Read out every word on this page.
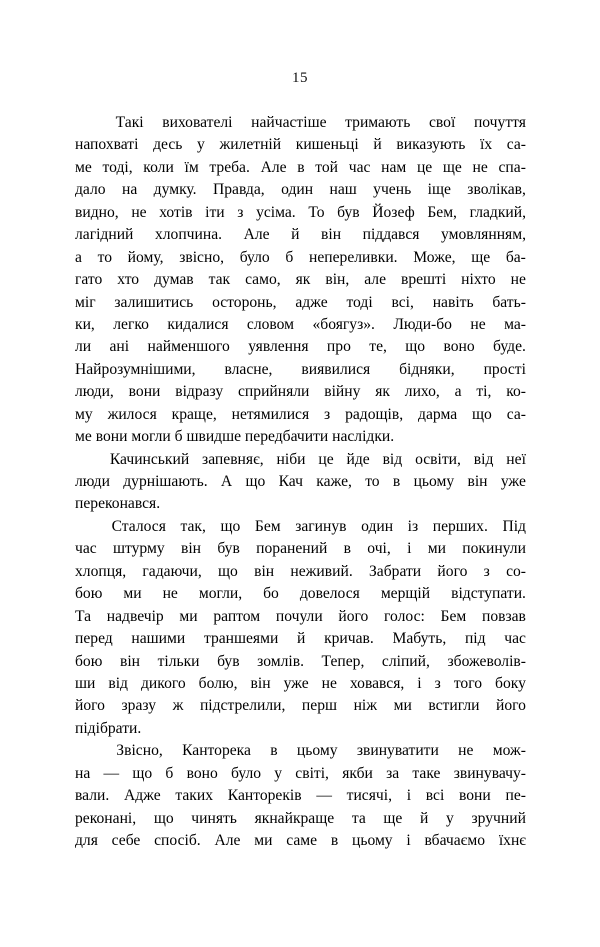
15
Такі вихователі найчастіше тримають свої почуття
напохваті десь у жилетній кишеньці й виказують їх са-
ме тоді, коли їм треба. Але в той час нам це ще не спа-
дало на думку. Правда, один наш учень іще зволікав,
видно, не хотів іти з усіма. То був Йозеф Бем, гладкий,
лагідний хлопчина. Але й він піддався умовлянням,
а то йому, звісно, було б непереливки. Може, ще ба-
гато хто думав так само, як він, але врешті ніхто не
міг залишитись осторонь, адже тоді всі, навіть бать-
ки, легко кидалися словом «боягуз». Люди-бо не ма-
ли ані найменшого уявлення про те, що воно буде.
Найрозумнішими, власне, виявилися бідняки, прості
люди, вони відразу сприйняли війну як лихо, а ті, ко-
му жилося краще, нетямилися з радощів, дарма що са-
ме вони могли б швидше передбачити наслідки.
Качинський запевняє, ніби це йде від освіти, від неї
люди дурнішають. А що Кач каже, то в цьому він уже
переконався.
Сталося так, що Бем загинув один із перших. Під
час штурму він був поранений в очі, і ми покинули
хлопця, гадаючи, що він неживий. Забрати його з со-
бою ми не могли, бо довелося мерщій відступати.
Та надвечір ми раптом почули його голос: Бем повзав
перед нашими траншеями й кричав. Мабуть, під час
бою він тільки був зомлів. Тепер, сліпий, збожеволів-
ши від дикого болю, він уже не ховався, і з того боку
його зразу ж підстрелили, перш ніж ми встигли його
підібрати.
Звісно, Канторека в цьому звинуватити не мож-
на — що б воно було у світі, якби за таке звинувачу-
вали. Адже таких Кантореків — тисячі, і всі вони пе-
реконані, що чинять якнайкраще та ще й у зручний
для себе спосіб. Але ми саме в цьому і вбачаємо їхнє
